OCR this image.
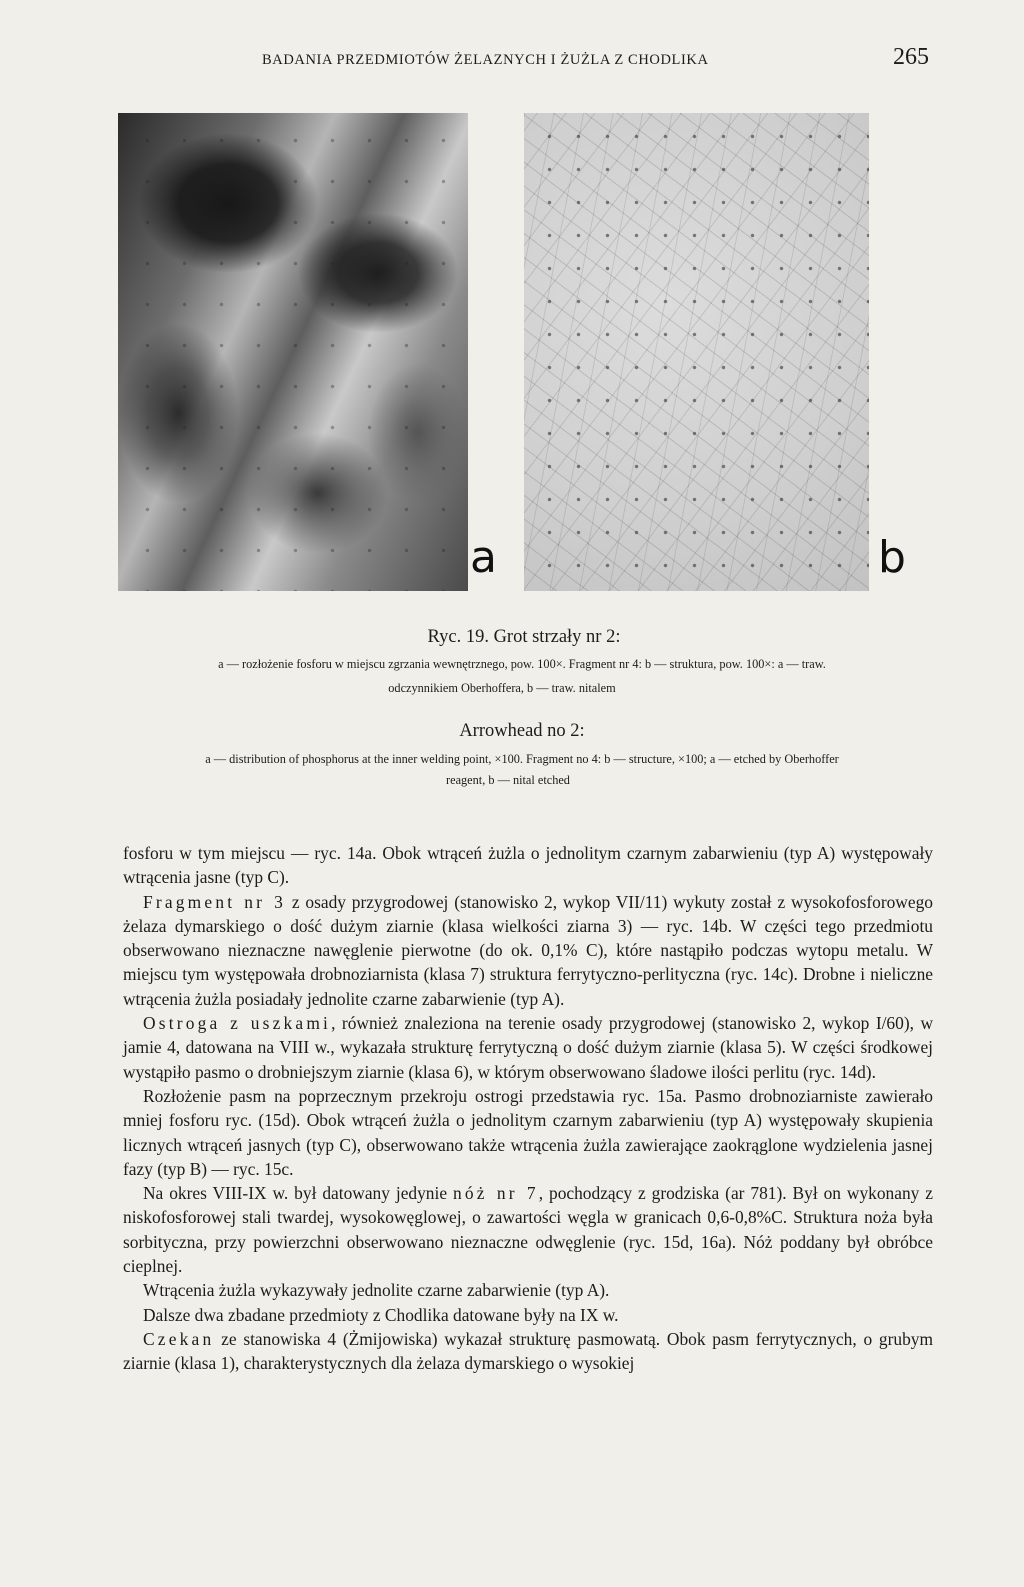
BADANIA PRZEDMIOTÓW ŻELAZNYCH I ŻUŻLA Z CHODLIKA	265
a	b
Ryc. 19. Grot strzały nr 2:
a — rozłożenie fosforu w miejscu zgrzania wewnętrznego, pow. 100×. Fragment nr 4: b — struktura, pow. 100×: a — traw.
odczynnikiem Oberhoffera, b — traw. nitalem
Arrowhead no 2:
a — distribution of phosphorus at the inner welding point, ×100. Fragment no 4: b — structure, ×100; a — etched by Oberhoffer
reagent, b — nital etched

fosforu w tym miejscu — ryc. 14a. Obok wtrąceń żużla o jednolitym czarnym zabarwieniu (typ A) występowały wtrącenia jasne (typ C).

Fragment nr 3 z osady przygrodowej (stanowisko 2, wykop VII/11) wykuty został z wysokofosforowego żelaza dymarskiego o dość dużym ziarnie (klasa wielkości ziarna 3) — ryc. 14b. W części tego przedmiotu obserwowano nieznaczne nawęglenie pierwotne (do ok. 0,1% C), które nastąpiło podczas wytopu metalu. W miejscu tym występowała drobnoziarnista (klasa 7) struktura ferrytyczno-perlityczna (ryc. 14c). Drobne i nieliczne wtrącenia żużla posiadały jednolite czarne zabarwienie (typ A).

Ostroga z uszkami, również znaleziona na terenie osady przygrodowej (stanowisko 2, wykop I/60), w jamie 4, datowana na VIII w., wykazała strukturę ferrytyczną o dość dużym ziarnie (klasa 5). W części środkowej wystąpiło pasmo o drobniejszym ziarnie (klasa 6), w którym obserwowano śladowe ilości perlitu (ryc. 14d).

Rozłożenie pasm na poprzecznym przekroju ostrogi przedstawia ryc. 15a. Pasmo drobnoziarniste zawierało mniej fosforu ryc. (15d). Obok wtrąceń żużla o jednolitym czarnym zabarwieniu (typ A) występowały skupienia licznych wtrąceń jasnych (typ C), obserwowano także wtrącenia żużla zawierające zaokrąglone wydzielenia jasnej fazy (typ B) — ryc. 15c.

Na okres VIII-IX w. był datowany jedynie nóż nr 7, pochodzący z grodziska (ar 781). Był on wykonany z niskofosforowej stali twardej, wysokowęglowej, o zawartości węgla w granicach 0,6-0,8%C. Struktura noża była sorbityczna, przy powierzchni obserwowano nieznaczne odwęglenie (ryc. 15d, 16a). Nóż poddany był obróbce cieplnej.

Wtrącenia żużla wykazywały jednolite czarne zabarwienie (typ A).

Dalsze dwa zbadane przedmioty z Chodlika datowane były na IX w.

Czekan ze stanowiska 4 (Żmijowiska) wykazał strukturę pasmowatą. Obok pasm ferrytycznych, o grubym ziarnie (klasa 1), charakterystycznych dla żelaza dymarskiego o wysokiej
